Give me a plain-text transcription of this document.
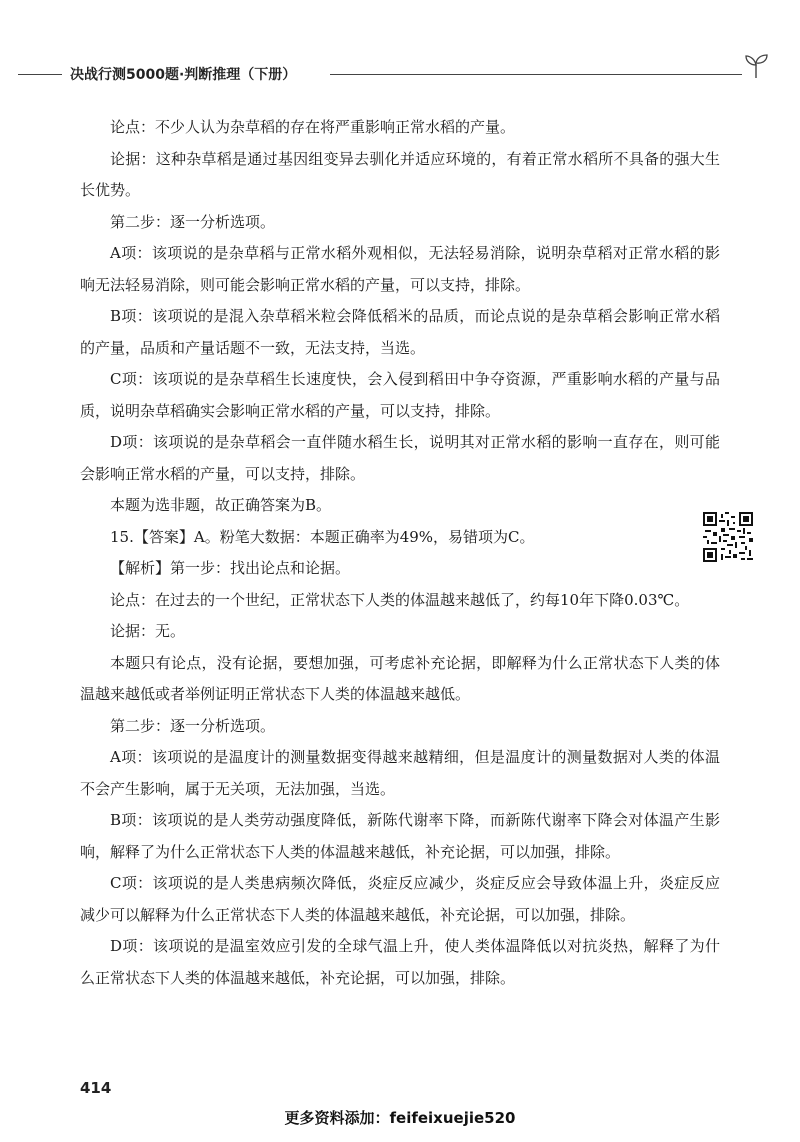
决战行测5000题·判断推理（下册）

论点：不少人认为杂草稻的存在将严重影响正常水稻的产量。

论据：这种杂草稻是通过基因组变异去驯化并适应环境的，有着正常水稻所不具备的强大生长优势。

第二步：逐一分析选项。

A项：该项说的是杂草稻与正常水稻外观相似，无法轻易消除，说明杂草稻对正常水稻的影响无法轻易消除，则可能会影响正常水稻的产量，可以支持，排除。

B项：该项说的是混入杂草稻米粒会降低稻米的品质，而论点说的是杂草稻会影响正常水稻的产量，品质和产量话题不一致，无法支持，当选。

C项：该项说的是杂草稻生长速度快，会入侵到稻田中争夺资源，严重影响水稻的产量与品质，说明杂草稻确实会影响正常水稻的产量，可以支持，排除。

D项：该项说的是杂草稻会一直伴随水稻生长，说明其对正常水稻的影响一直存在，则可能会影响正常水稻的产量，可以支持，排除。

本题为选非题，故正确答案为B。

15.【答案】A。粉笔大数据：本题正确率为49%，易错项为C。

【解析】第一步：找出论点和论据。

论点：在过去的一个世纪，正常状态下人类的体温越来越低了，约每10年下降0.03℃。

论据：无。

本题只有论点，没有论据，要想加强，可考虑补充论据，即解释为什么正常状态下人类的体温越来越低或者举例证明正常状态下人类的体温越来越低。

第二步：逐一分析选项。

A项：该项说的是温度计的测量数据变得越来越精细，但是温度计的测量数据对人类的体温不会产生影响，属于无关项，无法加强，当选。

B项：该项说的是人类劳动强度降低，新陈代谢率下降，而新陈代谢率下降会对体温产生影响，解释了为什么正常状态下人类的体温越来越低，补充论据，可以加强，排除。

C项：该项说的是人类患病频次降低，炎症反应减少，炎症反应会导致体温上升，炎症反应减少可以解释为什么正常状态下人类的体温越来越低，补充论据，可以加强，排除。

D项：该项说的是温室效应引发的全球气温上升，使人类体温降低以对抗炎热，解释了为什么正常状态下人类的体温越来越低，补充论据，可以加强，排除。

414
更多资料添加：feifeixuejie520
